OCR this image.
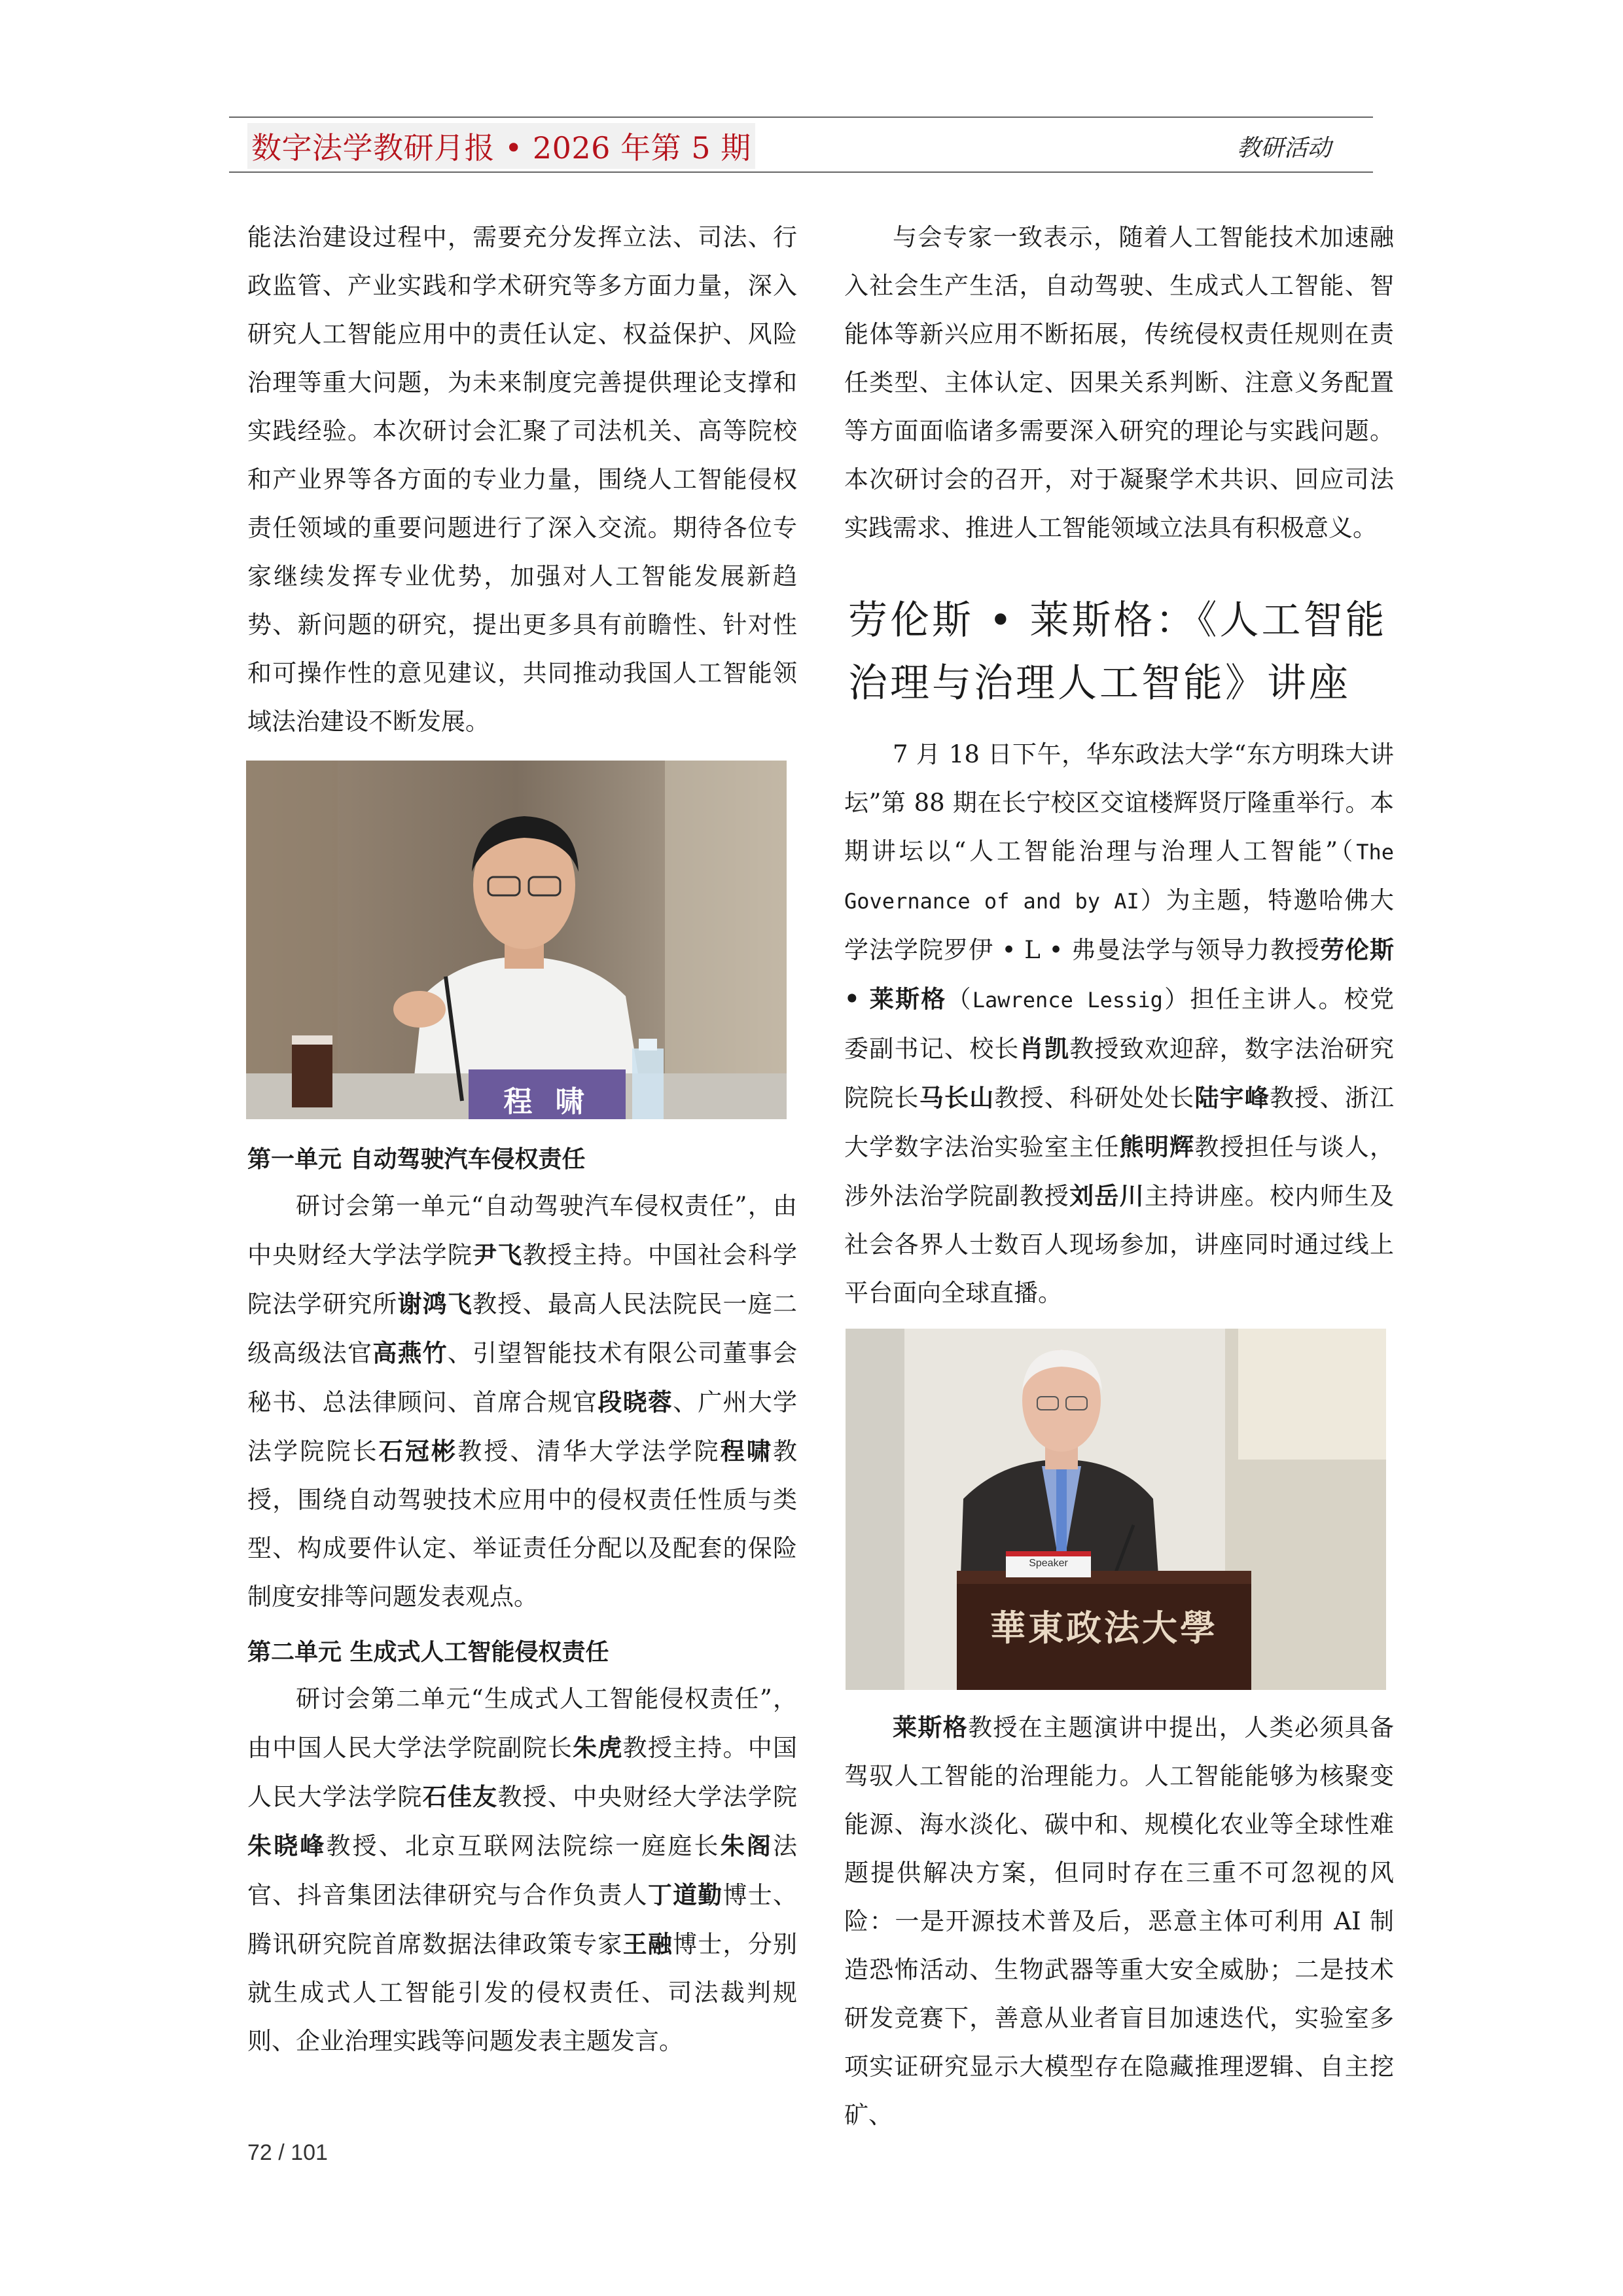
数字法学教研月报 • 2026 年第 5 期	教研活动

能法治建设过程中，需要充分发挥立法、司法、行政监管、产业实践和学术研究等多方面力量，深入研究人工智能应用中的责任认定、权益保护、风险治理等重大问题，为未来制度完善提供理论支撑和实践经验。本次研讨会汇聚了司法机关、高等院校和产业界等各方面的专业力量，围绕人工智能侵权责任领域的重要问题进行了深入交流。期待各位专家继续发挥专业优势，加强对人工智能发展新趋势、新问题的研究，提出更多具有前瞻性、针对性和可操作性的意见建议，共同推动我国人工智能领域法治建设不断发展。

程 啸

第一单元 自动驾驶汽车侵权责任

研讨会第一单元“自动驾驶汽车侵权责任”，由中央财经大学法学院尹飞教授主持。中国社会科学院法学研究所谢鸿飞教授、最高人民法院民一庭二级高级法官高燕竹、引望智能技术有限公司董事会秘书、总法律顾问、首席合规官段晓蓉、广州大学法学院院长石冠彬教授、清华大学法学院程啸教授，围绕自动驾驶技术应用中的侵权责任性质与类型、构成要件认定、举证责任分配以及配套的保险制度安排等问题发表观点。

第二单元 生成式人工智能侵权责任

研讨会第二单元“生成式人工智能侵权责任”，由中国人民大学法学院副院长朱虎教授主持。中国人民大学法学院石佳友教授、中央财经大学法学院朱晓峰教授、北京互联网法院综一庭庭长朱阁法官、抖音集团法律研究与合作负责人丁道勤博士、腾讯研究院首席数据法律政策专家王融博士，分别就生成式人工智能引发的侵权责任、司法裁判规则、企业治理实践等问题发表主题发言。

与会专家一致表示，随着人工智能技术加速融入社会生产生活，自动驾驶、生成式人工智能、智能体等新兴应用不断拓展，传统侵权责任规则在责任类型、主体认定、因果关系判断、注意义务配置等方面面临诸多需要深入研究的理论与实践问题。本次研讨会的召开，对于凝聚学术共识、回应司法实践需求、推进人工智能领域立法具有积极意义。

劳伦斯 • 莱斯格：《人工智能治理与治理人工智能》讲座

7 月 18 日下午，华东政法大学“东方明珠大讲坛”第 88 期在长宁校区交谊楼辉贤厅隆重举行。本期讲坛以“人工智能治理与治理人工智能”（The Governance of and by AI）为主题，特邀哈佛大学法学院罗伊 • L • 弗曼法学与领导力教授劳伦斯 • 莱斯格（Lawrence Lessig）担任主讲人。校党委副书记、校长肖凯教授致欢迎辞，数字法治研究院院长马长山教授、科研处处长陆宇峰教授、浙江大学数字法治实验室主任熊明辉教授担任与谈人，涉外法治学院副教授刘岳川主持讲座。校内师生及社会各界人士数百人现场参加，讲座同时通过线上平台面向全球直播。

Speaker
華東政法大學

莱斯格教授在主题演讲中提出，人类必须具备驾驭人工智能的治理能力。人工智能能够为核聚变能源、海水淡化、碳中和、规模化农业等全球性难题提供解决方案，但同时存在三重不可忽视的风险：一是开源技术普及后，恶意主体可利用 AI 制造恐怖活动、生物武器等重大安全威胁；二是技术研发竞赛下，善意从业者盲目加速迭代，实验室多项实证研究显示大模型存在隐藏推理逻辑、自主挖矿、

72 / 101
